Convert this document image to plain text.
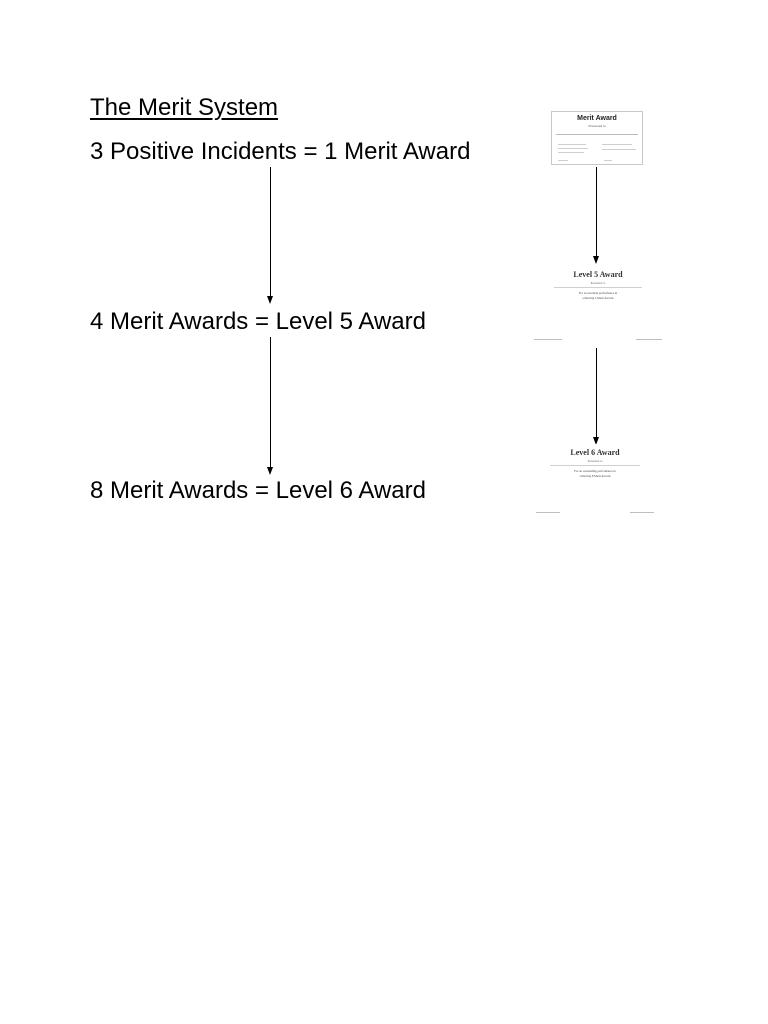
The Merit System
3 Positive Incidents = 1 Merit Award
4 Merit Awards = Level 5 Award
8 Merit Awards = Level 6 Award
Merit Award
Presented to
Level 5 Award
Presented to
For an excellent performance in
achieving 4 Merit Awards
Level 6 Award
Presented to
For an outstanding performance in
achieving 8 Merit Awards
